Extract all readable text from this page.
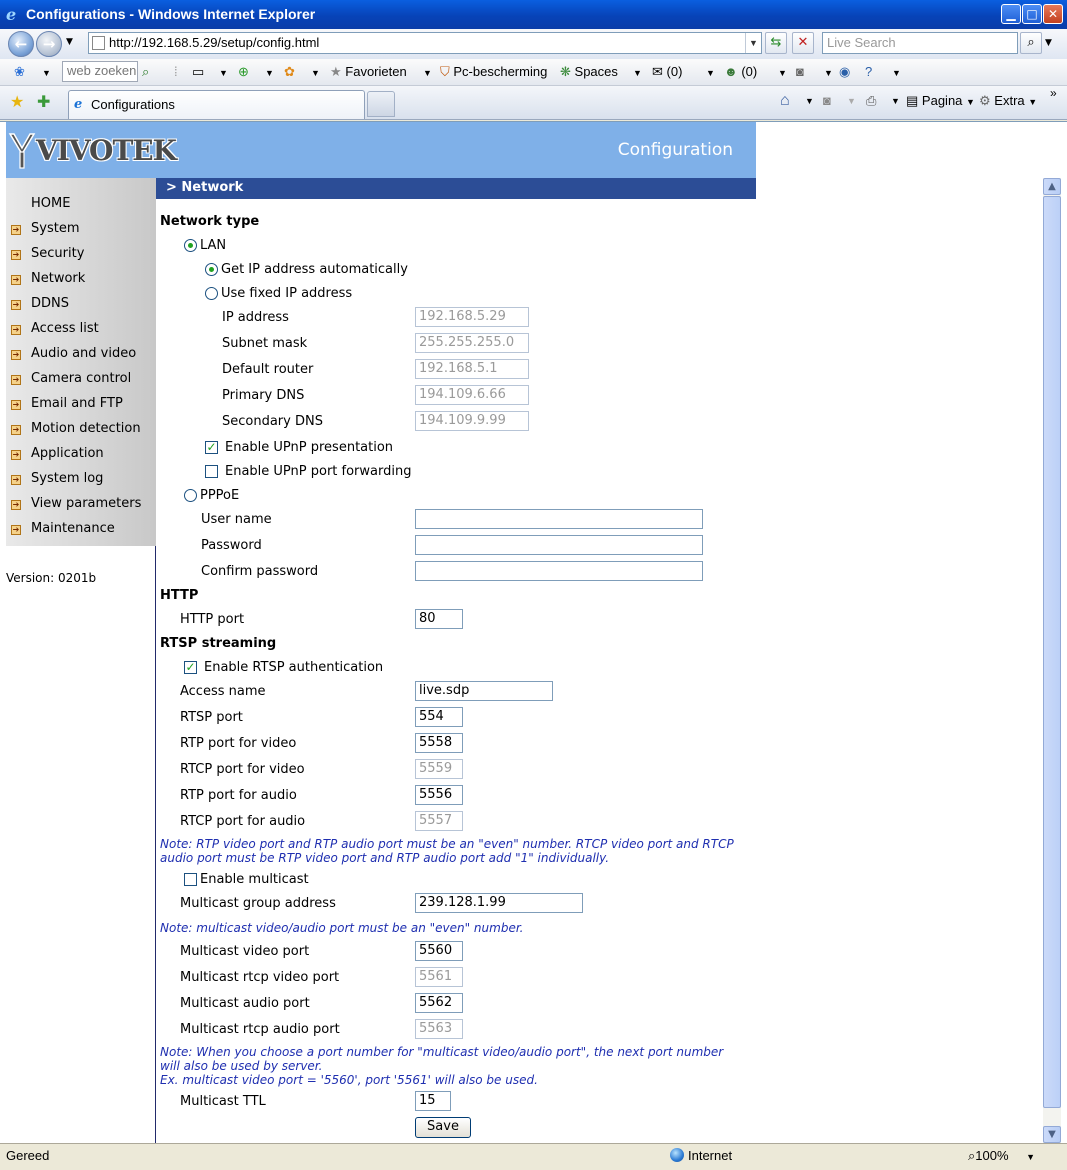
e Configurations - Windows Internet Explorer	▁ □ ✕
←	→	▼	http://192.168.5.29/setup/config.html	▼ ⇆	✕	Live Search	⌕	▼
❀ ▼	web zoeken ⌕ ⁞ ▭ ▼ ⊕ ▼ ✿ ▼ ★ Favorieten ▼ ⛉ Pc-bescherming ❋ Spaces ▼ ✉ (0)	▼ ☻ (0) ▼ ◙ ▼ ◉ ? ▼
★ ✚ e Configurations	⌂ ▼ ◙ ▼ ⎙ ▼ ▤ Pagina ▼ ⚙ Extra ▼
»
VIVOTEK	Configuration
HOME
➔ System
➔ Security
➔ Network
➔ DDNS
➔ Access list
➔ Audio and video
➔ Camera control
➔ Email and FTP
➔ Motion detection
➔ Application
➔ System log
➔ View parameters
➔ Maintenance
Version: 0201b
> Network
Network type
LAN
Get IP address automatically
Use fixed IP address
IP address	192.168.5.29
Subnet mask	255.255.255.0
Default router	192.168.5.1
Primary DNS	194.109.6.66
Secondary DNS	194.109.9.99
✓ Enable UPnP presentation
Enable UPnP port forwarding
PPPoE
User name
Password
Confirm password
HTTP
HTTP port	80
RTSP streaming
✓ Enable RTSP authentication
Access name	live.sdp
RTSP port	554
RTP port for video	5558
RTCP port for video	5559
RTP port for audio	5556
RTCP port for audio	5557
Note: RTP video port and RTP audio port must be an "even" number. RTCP video port and RTCP
audio port must be RTP video port and RTP audio port add "1" individually.
Enable multicast
Multicast group address	239.128.1.99
Note: multicast video/audio port must be an "even" number.
Multicast video port	5560
Multicast rtcp video port	5561
Multicast audio port	5562
Multicast rtcp audio port	5563
Note: When you choose a port number for "multicast video/audio port", the next port number
will also be used by server.
Ex. multicast video port = '5560', port '5561' will also be used.
Multicast TTL	15
Save
▲
▼
Gereed	Internet	⌕100% ▼
